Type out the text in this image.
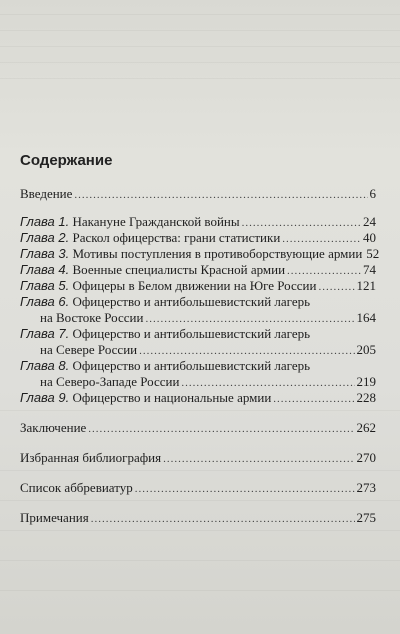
Содержание
Введение .....	6
Глава 1. Накануне Гражданской войны .....	24
Глава 2. Раскол офицерства: грани статистики .....	40
Глава 3. Мотивы поступления в противоборствующие армии 52
Глава 4. Военные специалисты Красной армии .....	74
Глава 5. Офицеры в Белом движении на Юге России .....	121
Глава 6. Офицерство и антибольшевистский лагерь
на Востоке России .....	164
Глава 7. Офицерство и антибольшевистский лагерь
на Севере России .....	205
Глава 8. Офицерство и антибольшевистский лагерь
на Северо-Западе России .....	219
Глава 9. Офицерство и национальные армии .....	228
Заключение .....	262
Избранная библиография .....	270
Список аббревиатур .....	273
Примечания .....	275
